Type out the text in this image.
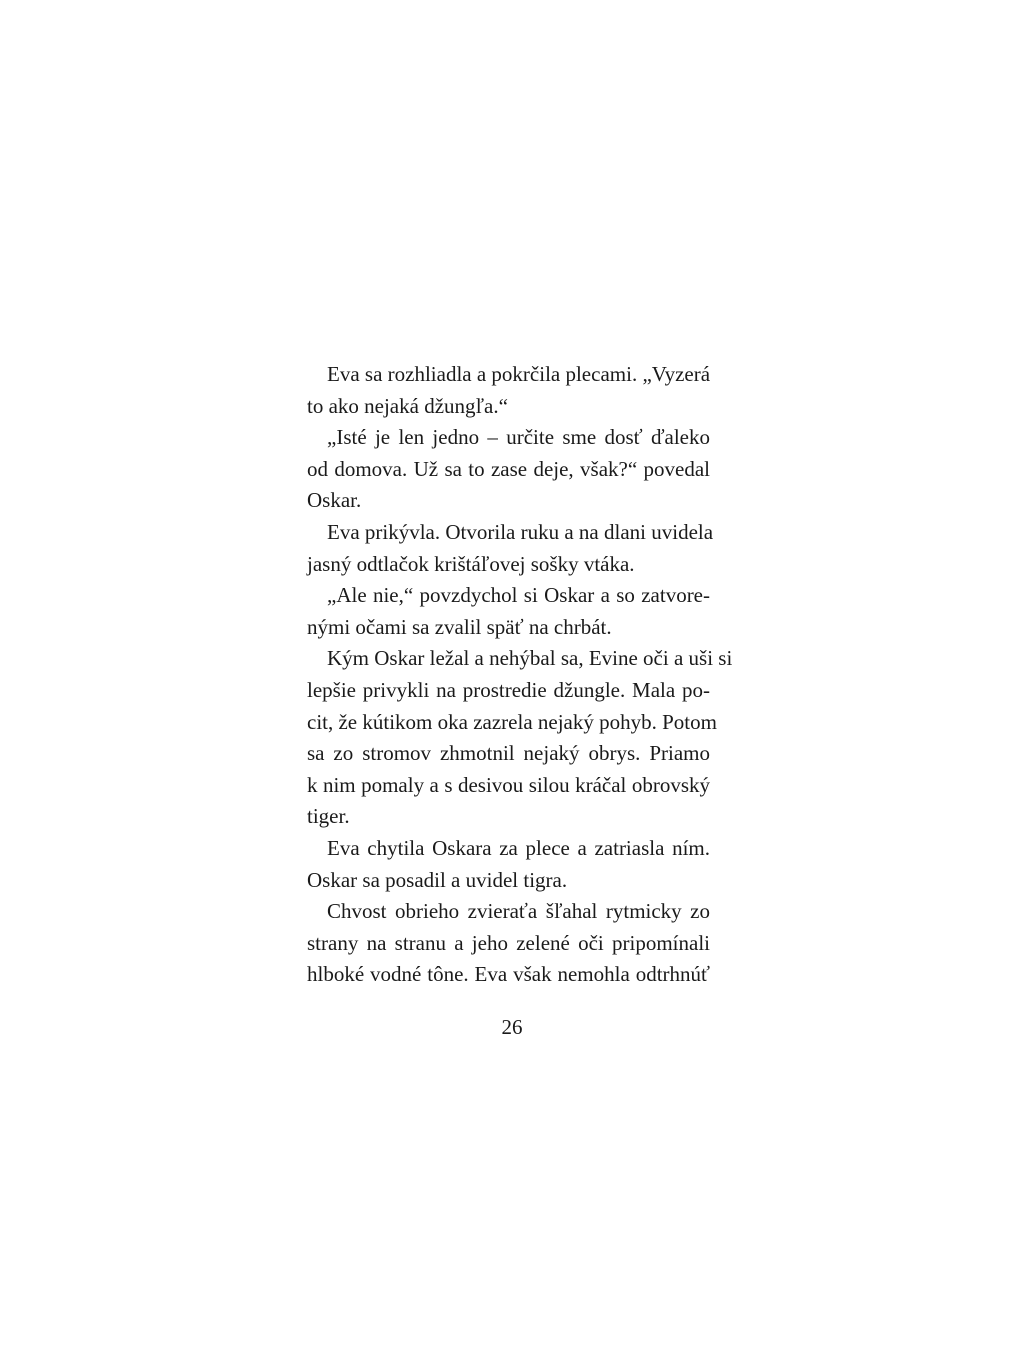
Eva sa rozhliadla a pokrčila plecami. „Vyzerá
to ako nejaká džungľa.“
„Isté je len jedno – určite sme dosť ďaleko
od domova. Už sa to zase deje, však?“ povedal
Oskar.
Eva prikývla. Otvorila ruku a na dlani uvidela
jasný odtlačok krištáľovej sošky vtáka.
„Ale nie,“ povzdychol si Oskar a so zatvore-
nými očami sa zvalil späť na chrbát.
Kým Oskar ležal a nehýbal sa, Evine oči a uši si
lepšie privykli na prostredie džungle. Mala po-
cit, že kútikom oka zazrela nejaký pohyb. Potom
sa zo stromov zhmotnil nejaký obrys. Priamo
k nim pomaly a s desivou silou kráčal obrovský
tiger.
Eva chytila Oskara za plece a zatriasla ním.
Oskar sa posadil a uvidel tigra.
Chvost obrieho zvieraťa šľahal rytmicky zo
strany na stranu a jeho zelené oči pripomínali
hlboké vodné tône. Eva však nemohla odtrhnúť
26
